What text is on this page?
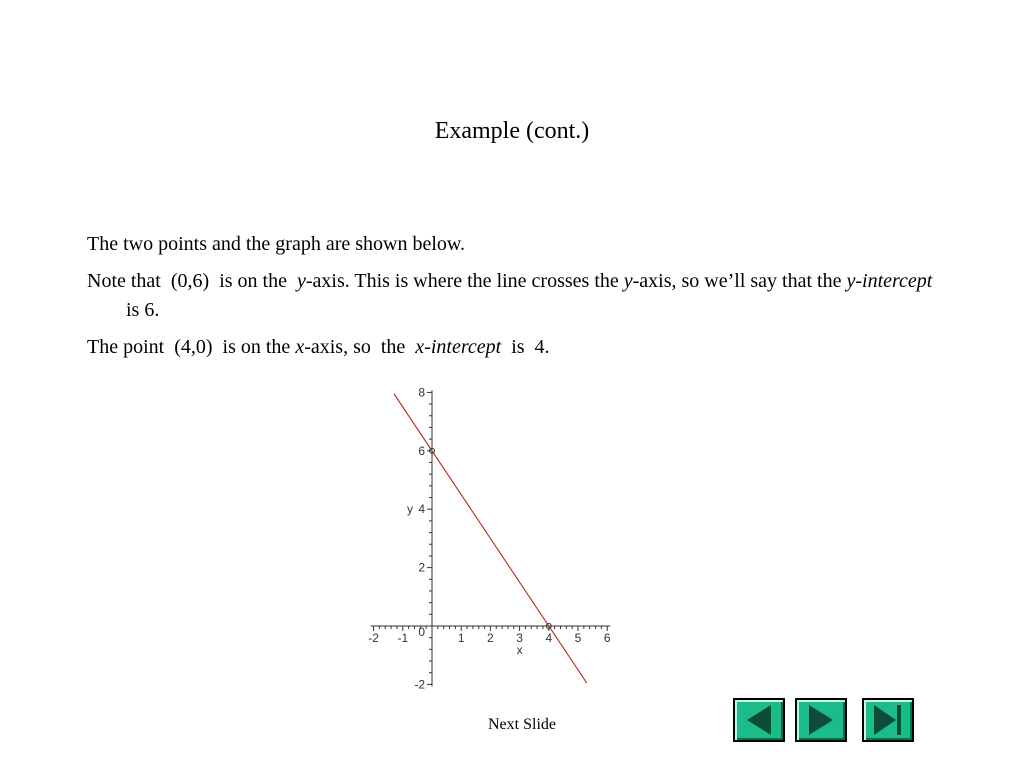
Example (cont.)

The two points and the graph are shown below.

Note that  (0,6)  is on the  y-axis. This is where the line crosses the y-axis, so we’ll say that the y-intercept is 6.

The point  (4,0)  is on the x-axis, so  the  x-intercept  is  4.

-2 -1	1 2 3 4 5 6
-2
2
4
6
8
0
x
y
Next Slide
